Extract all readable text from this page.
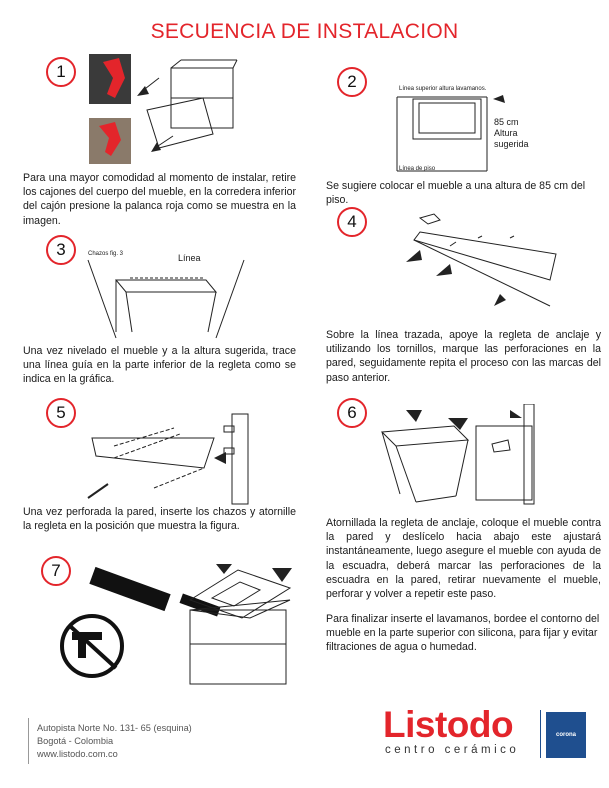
SECUENCIA DE INSTALACION
1
Para una mayor comodidad al momento de instalar, retire los cajones del cuerpo del mueble, en la corredera inferior del cajón presione la palanca roja como se muestra en la imagen.
2	Línea superior altura lavamanos.
85 cm
Altura
sugerida
Línea de piso
Se sugiere colocar el mueble a una altura de 85 cm del piso.
3	Chazos fig. 3	Línea
Una vez nivelado el mueble y a la altura sugerida, trace una línea guía en la parte inferior de la regleta como se indica en la gráfica.
4
Sobre la línea trazada, apoye la regleta de anclaje y utilizando los tornillos, marque las perforaciones en la pared, seguidamente repita el proceso con las marcas del paso anterior.
5
Una vez perforada la pared, inserte los chazos y atornille la regleta en la posición que muestra la figura.
6
Atornillada la regleta de anclaje, coloque el mueble contra la pared y deslícelo hacia abajo este ajustará instantáneamente, luego asegure el mueble con ayuda de la escuadra, deberá marcar las perforaciones de la escuadra en la pared, retirar nuevamente el mueble, perforar y volver a repetir este paso.
7
Para finalizar inserte el lavamanos, bordee el contorno del mueble en la parte superior con silicona, para fijar y evitar filtraciones de agua o humedad.
Autopista Norte No. 131- 65 (esquina)
Bogotá - Colombia
www.listodo.com.co
Listodo
centro cerámico
corona
